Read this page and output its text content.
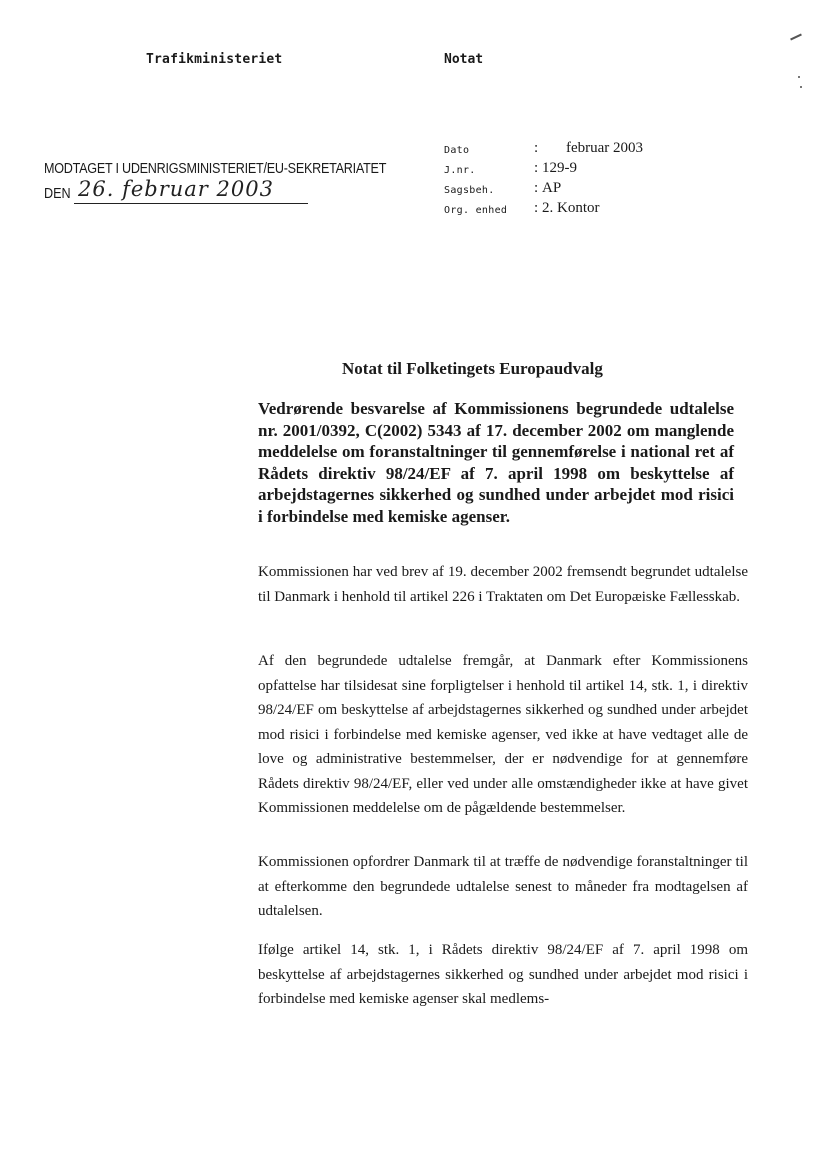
Trafikministeriet	Notat
MODTAGET I UDENRIGSMINISTERIET/EU-SEKRETARIATET
DEN 26. februar 2003
Dato	: februar 2003
J.nr.	: 129-9
Sagsbeh.	: AP
Org. enhed : 2. Kontor
Notat til Folketingets Europaudvalg
Vedrørende besvarelse af Kommissionens begrundede udtalelse nr. 2001/0392, C(2002) 5343 af 17. december 2002 om manglende meddelelse om foranstaltninger til gennemførelse i national ret af Rådets direktiv 98/24/EF af 7. april 1998 om beskyttelse af arbejdstagernes sikkerhed og sundhed under arbejdet mod risici i forbindelse med kemiske agenser.
Kommissionen har ved brev af 19. december 2002 fremsendt begrundet udtalelse til Danmark i henhold til artikel 226 i Traktaten om Det Europæiske Fællesskab.
Af den begrundede udtalelse fremgår, at Danmark efter Kommissionens opfattelse har tilsidesat sine forpligtelser i henhold til artikel 14, stk. 1, i direktiv 98/24/EF om beskyttelse af arbejdstagernes sikkerhed og sundhed under arbejdet mod risici i forbindelse med kemiske agenser, ved ikke at have vedtaget alle de love og administrative bestemmelser, der er nødvendige for at gennemføre Rådets direktiv 98/24/EF, eller ved under alle omstændigheder ikke at have givet Kommissionen meddelelse om de pågældende bestemmelser.
Kommissionen opfordrer Danmark til at træffe de nødvendige foranstaltninger til at efterkomme den begrundede udtalelse senest to måneder fra modtagelsen af udtalelsen.
Ifølge artikel 14, stk. 1, i Rådets direktiv 98/24/EF af 7. april 1998 om beskyttelse af arbejdstagernes sikkerhed og sundhed under arbejdet mod risici i forbindelse med kemiske agenser skal medlems-
